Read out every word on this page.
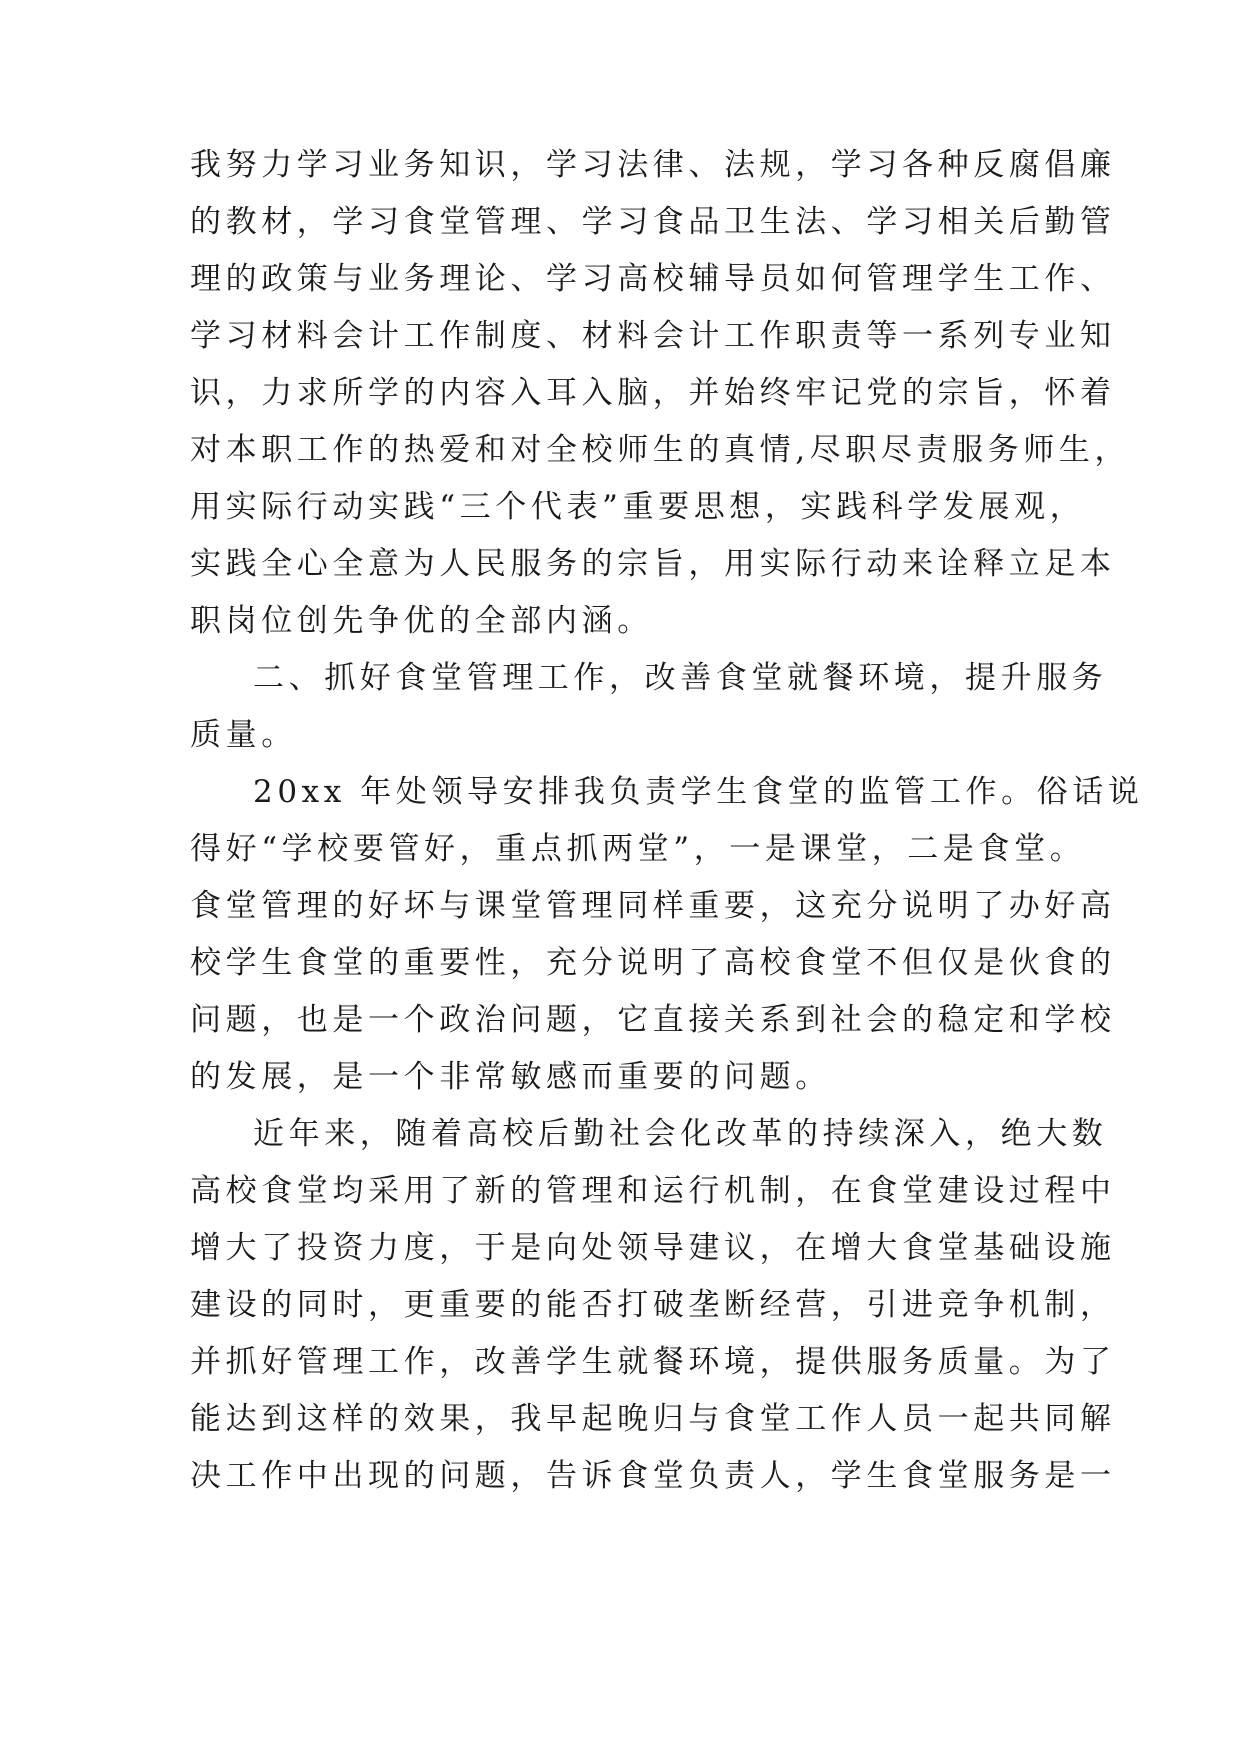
我努力学习业务知识，学习法律、法规，学习各种反腐倡廉
的教材，学习食堂管理、学习食品卫生法、学习相关后勤管
理的政策与业务理论、学习高校辅导员如何管理学生工作、
学习材料会计工作制度、材料会计工作职责等一系列专业知
识，力求所学的内容入耳入脑，并始终牢记党的宗旨，怀着
对本职工作的热爱和对全校师生的真情,尽职尽责服务师生，
用实际行动实践“三个代表”重要思想，实践科学发展观，
实践全心全意为人民服务的宗旨，用实际行动来诠释立足本
职岗位创先争优的全部内涵。
二、抓好食堂管理工作，改善食堂就餐环境，提升服务
质量。
20xx 年处领导安排我负责学生食堂的监管工作。俗话说
得好“学校要管好，重点抓两堂”，一是课堂，二是食堂。
食堂管理的好坏与课堂管理同样重要，这充分说明了办好高
校学生食堂的重要性，充分说明了高校食堂不但仅是伙食的
问题，也是一个政治问题，它直接关系到社会的稳定和学校
的发展，是一个非常敏感而重要的问题。
近年来，随着高校后勤社会化改革的持续深入，绝大数
高校食堂均采用了新的管理和运行机制，在食堂建设过程中
增大了投资力度，于是向处领导建议，在增大食堂基础设施
建设的同时，更重要的能否打破垄断经营，引进竞争机制，
并抓好管理工作，改善学生就餐环境，提供服务质量。为了
能达到这样的效果，我早起晚归与食堂工作人员一起共同解
决工作中出现的问题，告诉食堂负责人，学生食堂服务是一
